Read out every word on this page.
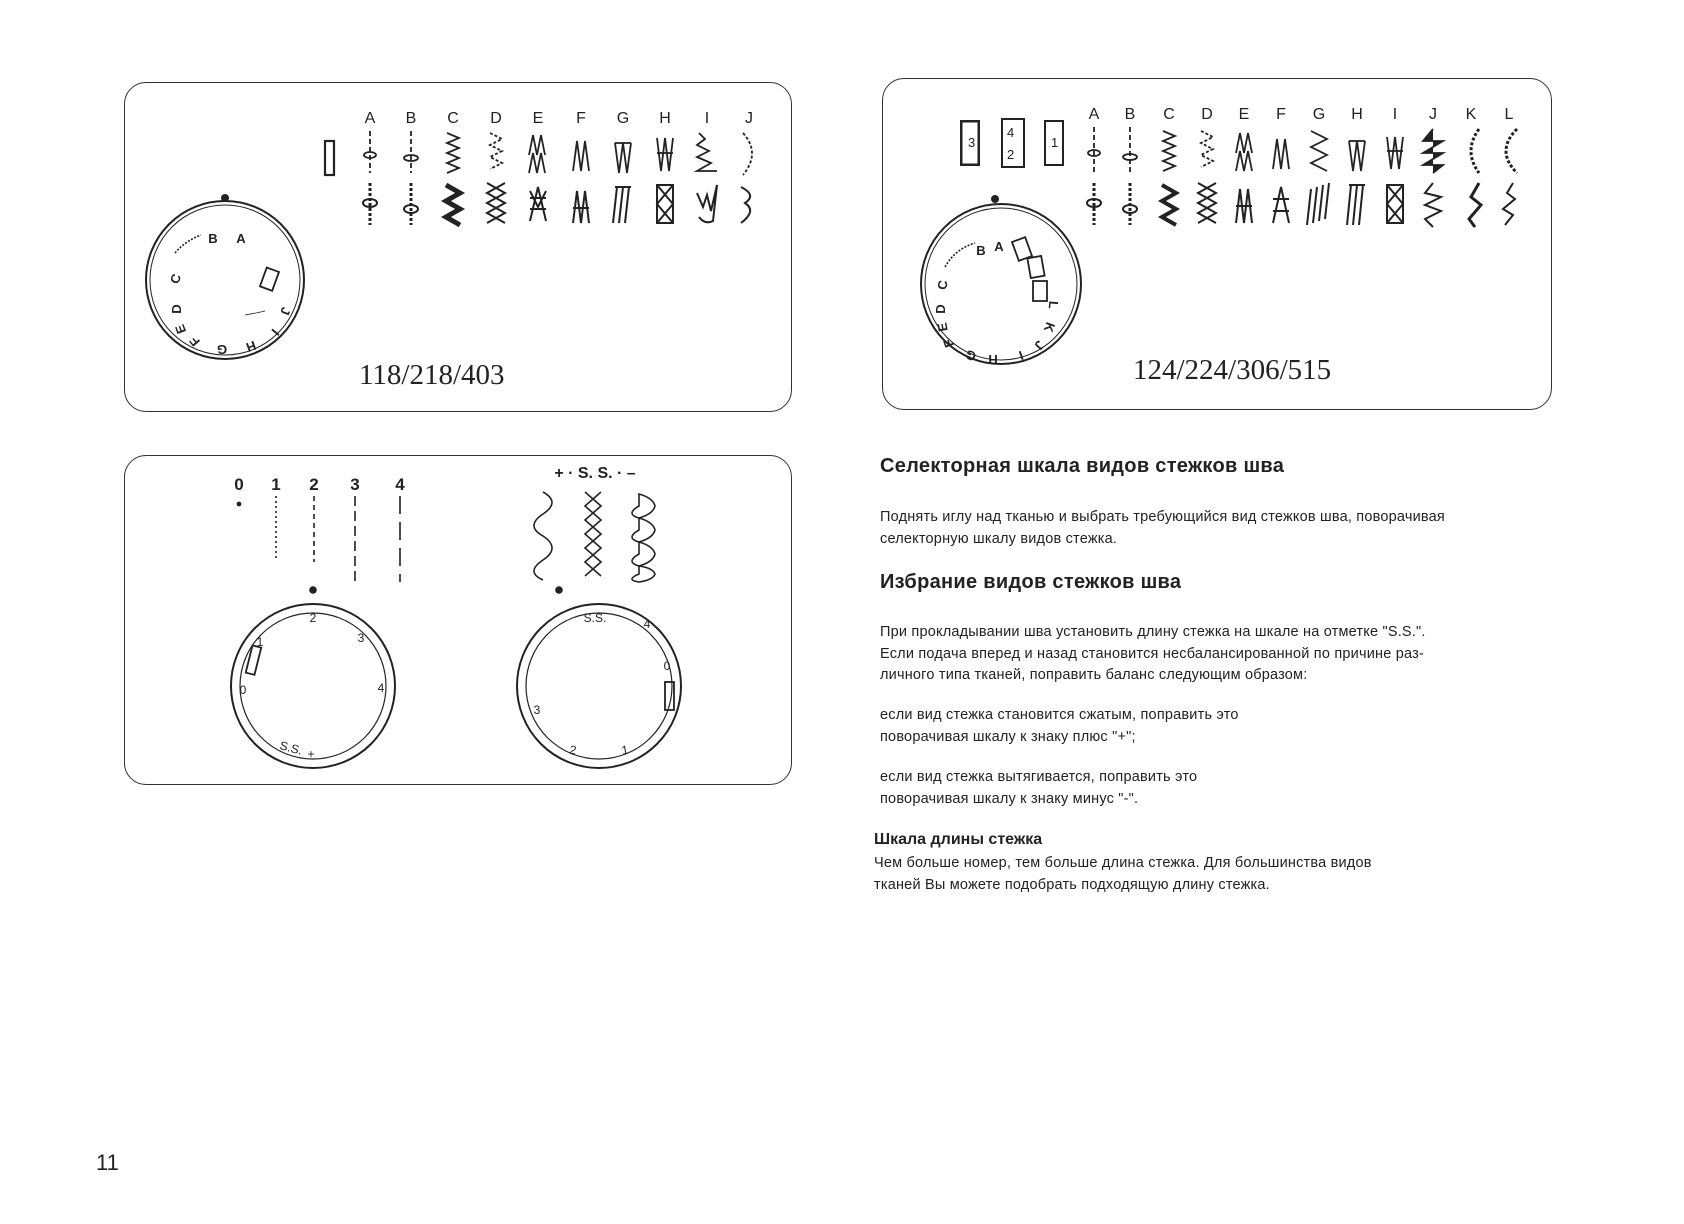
A B C D E F G H I J
B A
C
D
E
F
G H
I
J
118/218/403
3
4
2
1
A B C D E F G H I J K L
B A
C
D
E
F
G H I
J
K
L
124/224/306/515
0 1 2 3 4
+ · S. S. · –
1
2
3
4
0
S.S. +
S.S.
0
1
2
3
4
Селекторная шкала видов стежков шва
Поднять иглу над тканью и выбрать требующийся вид стежков шва, поворачивая
селекторную шкалу видов стежка.
Избрание видов стежков шва
При прокладывании шва установить длину стежка на шкале на отметке "S.S.".
Если подача вперед и назад становится несбалансированной по причине раз-
личного типа тканей, поправить баланс следующим образом:
если вид стежка становится сжатым, поправить это
поворачивая шкалу к знаку плюс "+";
если вид стежка вытягивается, поправить это
поворачивая шкалу к знаку минус "-".
Шкала длины стежка
Чем больше номер, тем больше длина стежка. Для большинства видов
тканей Вы можете подобрать подходящую длину стежка.
11
